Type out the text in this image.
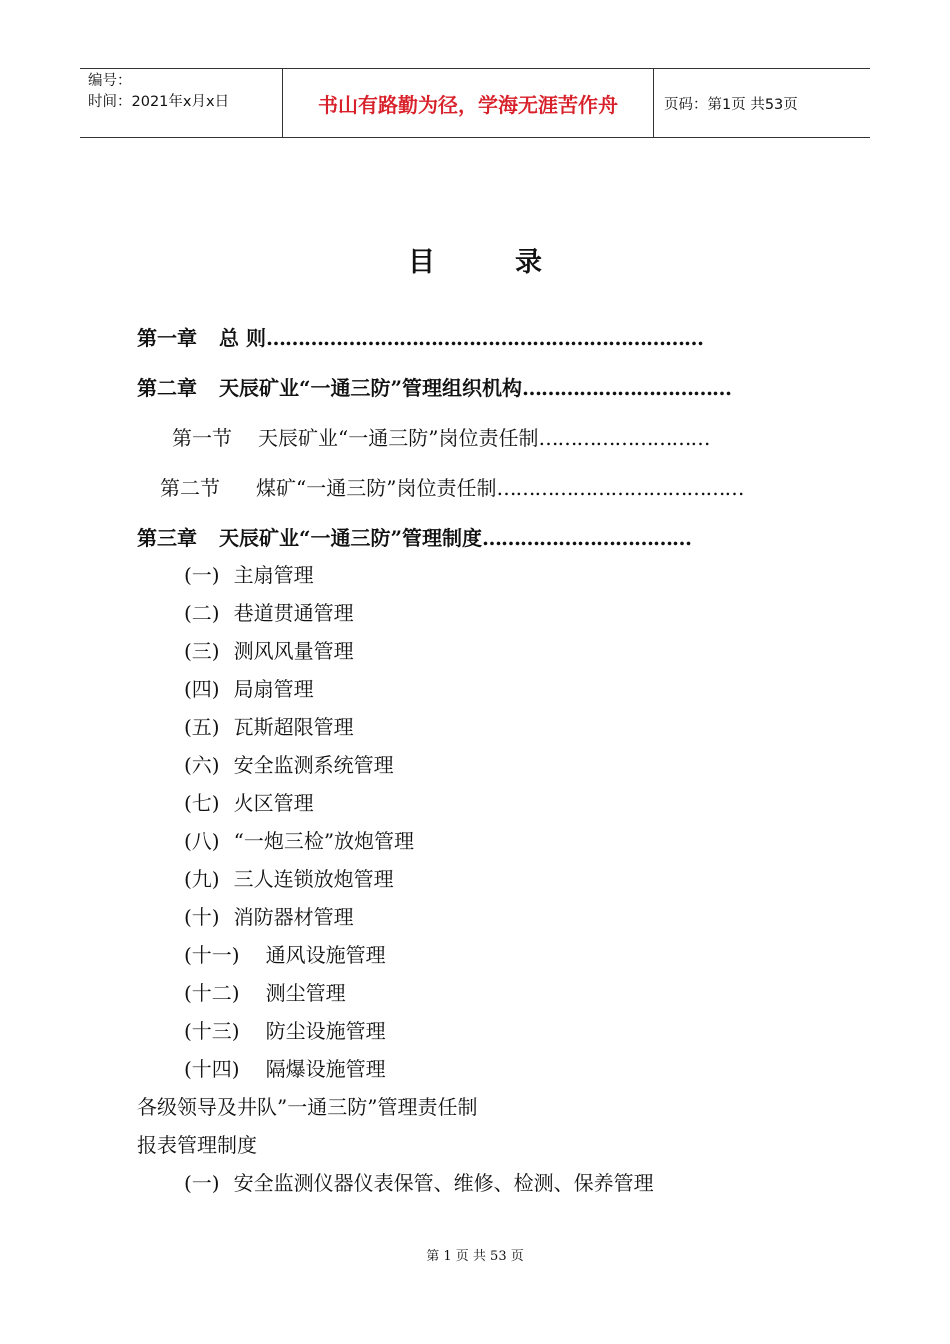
编号：
时间：2021年x月x日	书山有路勤为径，学海无涯苦作舟	页码：第1页 共53页
目录
第一章 总 则……………………………………………………………
第二章 天辰矿业“一通三防”管理组织机构……………………………
第一节 天辰矿业“一通三防”岗位责任制………………………
第二节 煤矿“一通三防”岗位责任制…………………………………
第三章 天辰矿业“一通三防”管理制度……………………………
(一) 主扇管理
(二) 巷道贯通管理
(三) 测风风量管理
(四) 局扇管理
(五) 瓦斯超限管理
(六) 安全监测系统管理
(七) 火区管理
(八) “一炮三检”放炮管理
(九) 三人连锁放炮管理
(十) 消防器材管理
(十一) 通风设施管理
(十二) 测尘管理
(十三) 防尘设施管理
(十四) 隔爆设施管理
各级领导及井队”一通三防”管理责任制
报表管理制度
(一) 安全监测仪器仪表保管、维修、检测、保养管理
第 1 页 共 53 页
